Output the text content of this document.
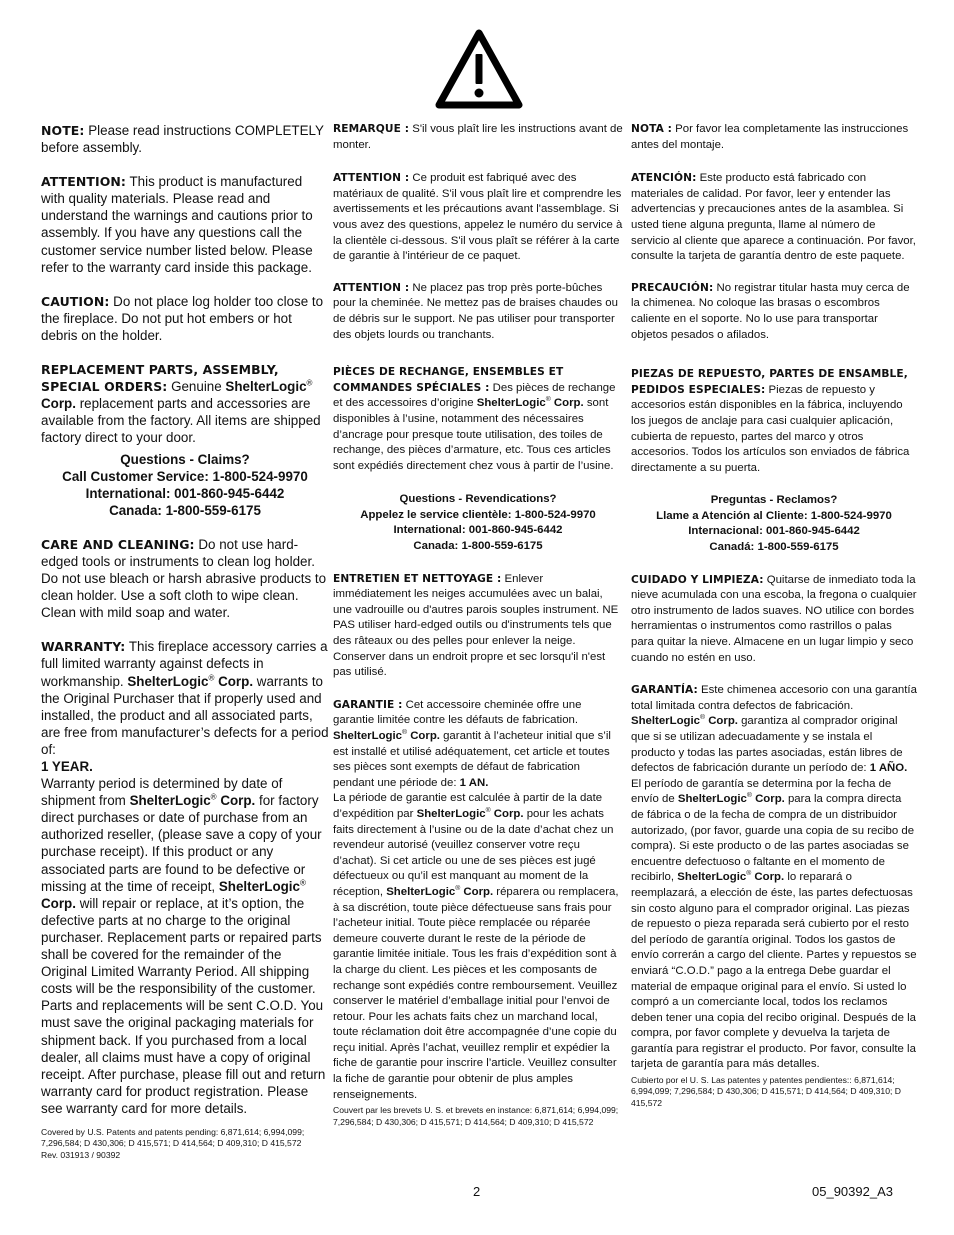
NOTE: Please read instructions COMPLETELY before assembly.

ATTENTION: This product is manufactured with quality materials. Please read and understand the warnings and cautions prior to assembly. If you have any questions call the customer service number listed below. Please refer to the warranty card inside this package.

CAUTION: Do not place log holder too close to the fireplace. Do not put hot embers or hot debris on the holder.

REPLACEMENT PARTS, ASSEMBLY, SPECIAL ORDERS: Genuine ShelterLogic® Corp. replacement parts and accessories are available from the factory. All items are shipped factory direct to your door.

Questions - Claims?
Call Customer Service: 1-800-524-9970
International: 001-860-945-6442
Canada: 1-800-559-6175

CARE AND CLEANING: Do not use hard-edged tools or instruments to clean log holder. Do not use bleach or harsh abrasive products to clean holder. Use a soft cloth to wipe clean. Clean with mild soap and water.

WARRANTY: This fireplace accessory carries a full limited warranty against defects in workmanship. ShelterLogic® Corp. warrants to the Original Purchaser that if properly used and installed, the product and all associated parts, are free from manufacturer’s defects for a period of:
1 YEAR.
Warranty period is determined by date of shipment from ShelterLogic® Corp. for factory direct purchases or date of purchase from an authorized reseller, (please save a copy of your purchase receipt). If this product or any associated parts are found to be defective or missing at the time of receipt, ShelterLogic® Corp. will repair or replace, at it’s option, the defective parts at no charge to the original purchaser. Replacement parts or repaired parts shall be covered for the remainder of the Original Limited Warranty Period. All shipping costs will be the responsibility of the customer. Parts and replacements will be sent C.O.D. You must save the original packaging materials for shipment back. If you purchased from a local dealer, all claims must have a copy of original receipt. After purchase, please fill out and return warranty card for product registration. Please see warranty card for more details.

Covered by U.S. Patents and patents pending: 6,871,614; 6,994,099; 7,296,584; D 430,306; D 415,571; D 414,564; D 409,310; D 415,572

Rev. 031913 / 90392

REMARQUE : S'il vous plaît lire les instructions avant de monter.

ATTENTION : Ce produit est fabriqué avec des matériaux de qualité. S'il vous plaît lire et comprendre les avertissements et les précautions avant l'assemblage. Si vous avez des questions, appelez le numéro du service à la clientèle ci-dessous. S'il vous plaît se référer à la carte de garantie à l'intérieur de ce paquet.

ATTENTION : Ne placez pas trop près porte-bûches pour la cheminée. Ne mettez pas de braises chaudes ou de débris sur le support. Ne pas utiliser pour transporter des objets lourds ou tranchants.

PIÈCES DE RECHANGE, ENSEMBLES ET COMMANDES SPÉCIALES : Des pièces de rechange et des accessoires d’origine ShelterLogic® Corp. sont disponibles à l’usine, notamment des nécessaires d’ancrage pour presque toute utilisation, des toiles de rechange, des pièces d’armature, etc. Tous ces articles sont expédiés directement chez vous à partir de l’usine.

Questions - Revendications?
Appelez le service clientèle: 1-800-524-9970
International: 001-860-945-6442
Canada: 1-800-559-6175

ENTRETIEN ET NETTOYAGE : Enlever immédiatement les neiges accumulées avec un balai, une vadrouille ou d'autres parois souples instrument. NE PAS utiliser hard-edged outils ou d'instruments tels que des râteaux ou des pelles pour enlever la neige. Conserver dans un endroit propre et sec lorsqu'il n'est pas utilisé.

GARANTIE : Cet accessoire cheminée offre une garantie limitée contre les défauts de fabrication. ShelterLogic® Corp. garantit à l’acheteur initial que s’il est installé et utilisé adéquatement, cet article et toutes ses pièces sont exempts de défaut de fabrication pendant une période de: 1 AN.
La période de garantie est calculée à partir de la date d’expédition par ShelterLogic® Corp. pour les achats faits directement à l’usine ou de la date d’achat chez un revendeur autorisé (veuillez conserver votre reçu d’achat). Si cet article ou une de ses pièces est jugé défectueux ou qu’il est manquant au moment de la réception, ShelterLogic® Corp. réparera ou remplacera, à sa discrétion, toute pièce défectueuse sans frais pour l’acheteur initial. Toute pièce remplacée ou réparée demeure couverte durant le reste de la période de garantie limitée initiale. Tous les frais d’expédition sont à la charge du client. Les pièces et les composants de rechange sont expédiés contre remboursement. Veuillez conserver le matériel d’emballage initial pour l’envoi de retour. Pour les achats faits chez un marchand local, toute réclamation doit être accompagnée d’une copie du reçu initial. Après l’achat, veuillez remplir et expédier la fiche de garantie pour inscrire l’article. Veuillez consulter la fiche de garantie pour obtenir de plus amples renseignements.

Couvert par les brevets U. S. et brevets en instance: 6,871,614; 6,994,099; 7,296,584; D 430,306; D 415,571; D 414,564; D 409,310; D 415,572

NOTA : Por favor lea completamente las instrucciones antes del montaje.

ATENCIÓN: Este producto está fabricado con materiales de calidad. Por favor, leer y entender las advertencias y precauciones antes de la asamblea. Si usted tiene alguna pregunta, llame al número de servicio al cliente que aparece a continuación. Por favor, consulte la tarjeta de garantía dentro de este paquete.

PRECAUCIÓN: No registrar titular hasta muy cerca de la chimenea. No coloque las brasas o escombros caliente en el soporte. No lo use para transportar objetos pesados o afilados.

PIEZAS DE REPUESTO, PARTES DE ENSAMBLE, PEDIDOS ESPECIALES: Piezas de repuesto y accesorios están disponibles en la fábrica, incluyendo los juegos de anclaje para casi cualquier aplicación, cubierta de repuesto, partes del marco y otros accesorios. Todos los artículos son enviados de fábrica directamente a su puerta.

Preguntas - Reclamos?
Llame a Atención al Cliente: 1-800-524-9970
Internacional: 001-860-945-6442
Canadá: 1-800-559-6175

CUIDADO Y LIMPIEZA: Quitarse de inmediato toda la nieve acumulada con una escoba, la fregona o cualquier otro instrumento de lados suaves. NO utilice con bordes herramientas o instrumentos como rastrillos o palas para quitar la nieve. Almacene en un lugar limpio y seco cuando no estén en uso.

GARANTÍA: Este chimenea accesorio con una garantía total limitada contra defectos de fabricación. ShelterLogic® Corp. garantiza al comprador original que si se utilizan adecuadamente y se instala el producto y todas las partes asociadas, están libres de defectos de fabricación durante un período de: 1 AÑO.
El período de garantía se determina por la fecha de envío de ShelterLogic® Corp. para la compra directa de fábrica o de la fecha de compra de un distribuidor autorizado, (por favor, guarde una copia de su recibo de compra). Si este producto o de las partes asociadas se encuentre defectuoso o faltante en el momento de recibirlo, ShelterLogic® Corp. lo reparará o reemplazará, a elección de éste, las partes defectuosas sin costo alguno para el comprador original. Las piezas de repuesto o pieza reparada será cubierto por el resto del período de garantía original. Todos los gastos de envío correrán a cargo del cliente. Partes y repuestos se enviará “C.O.D.” pago a la entrega Debe guardar el material de empaque original para el envío. Si usted lo compró a un comerciante local, todos los reclamos deben tener una copia del recibo original. Después de la compra, por favor complete y devuelva la tarjeta de garantía para registrar el producto. Por favor, consulte la tarjeta de garantía para más detalles.

Cubierto por el U. S. Las patentes y patentes pendientes:: 6,871,614; 6,994,099; 7,296,584; D 430,306; D 415,571; D 414,564; D 409,310; D 415,572

2	05_90392_A3
